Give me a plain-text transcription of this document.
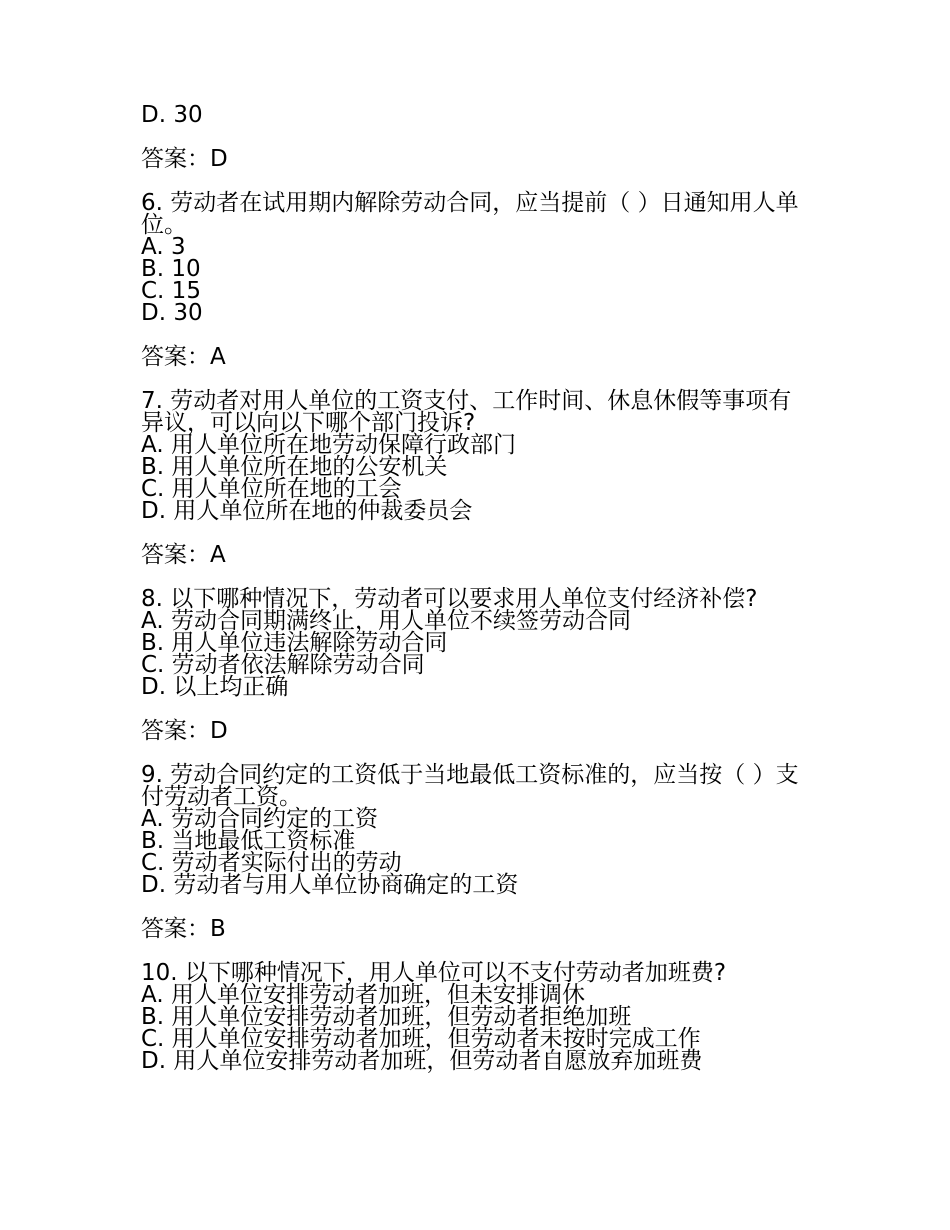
D. 30
答案：D
6. 劳动者在试用期内解除劳动合同，应当提前（ ）日通知用人单位。
A. 3
B. 10
C. 15
D. 30
答案：A
7. 劳动者对用人单位的工资支付、工作时间、休息休假等事项有异议，可以向以下哪个部门投诉?
A. 用人单位所在地劳动保障行政部门
B. 用人单位所在地的公安机关
C. 用人单位所在地的工会
D. 用人单位所在地的仲裁委员会
答案：A
8. 以下哪种情况下，劳动者可以要求用人单位支付经济补偿?
A. 劳动合同期满终止，用人单位不续签劳动合同
B. 用人单位违法解除劳动合同
C. 劳动者依法解除劳动合同
D. 以上均正确
答案：D
9. 劳动合同约定的工资低于当地最低工资标准的，应当按（ ）支付劳动者工资。
A. 劳动合同约定的工资
B. 当地最低工资标准
C. 劳动者实际付出的劳动
D. 劳动者与用人单位协商确定的工资
答案：B
10. 以下哪种情况下，用人单位可以不支付劳动者加班费?
A. 用人单位安排劳动者加班，但未安排调休
B. 用人单位安排劳动者加班，但劳动者拒绝加班
C. 用人单位安排劳动者加班，但劳动者未按时完成工作
D. 用人单位安排劳动者加班，但劳动者自愿放弃加班费
